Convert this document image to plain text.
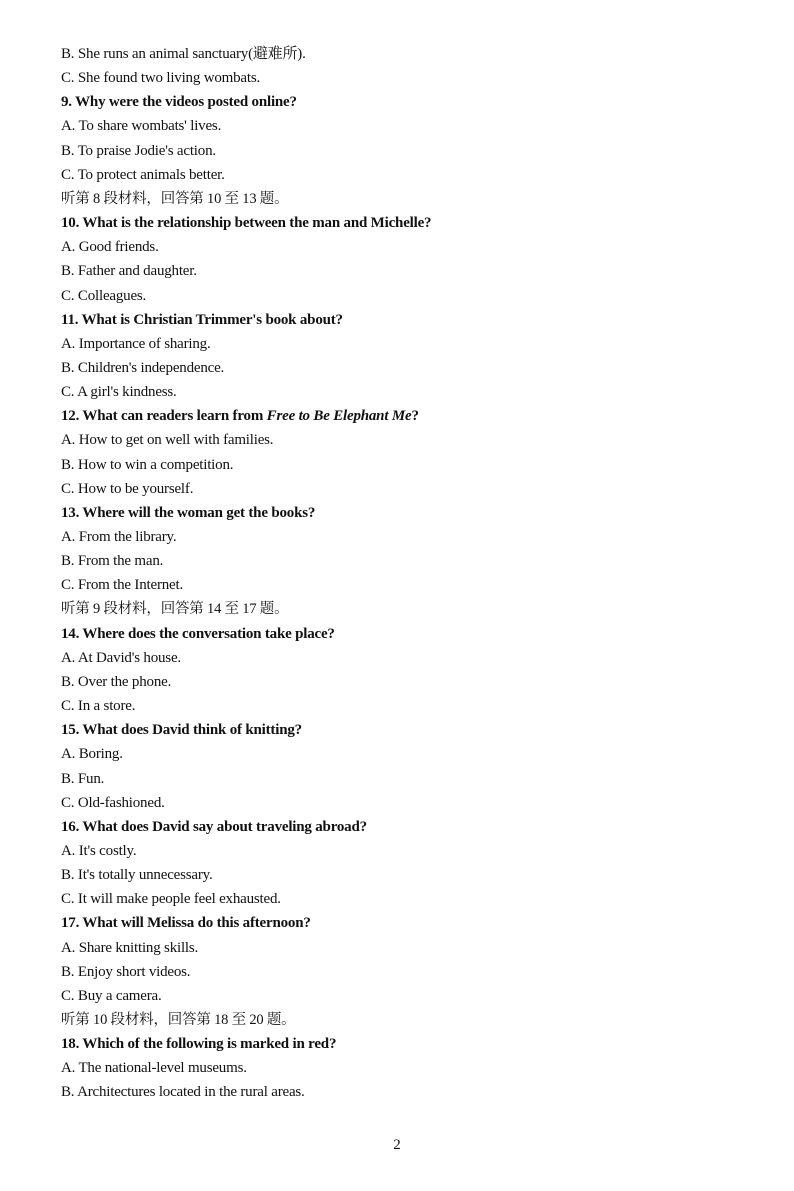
B. She runs an animal sanctuary(避难所).
C. She found two living wombats.
9. Why were the videos posted online?
A. To share wombats' lives.
B. To praise Jodie's action.
C. To protect animals better.
听第 8 段材料，回答第 10 至 13 题。
10. What is the relationship between the man and Michelle?
A. Good friends.
B. Father and daughter.
C. Colleagues.
11. What is Christian Trimmer's book about?
A. Importance of sharing.
B. Children's independence.
C. A girl's kindness.
12. What can readers learn from Free to Be Elephant Me?
A. How to get on well with families.
B. How to win a competition.
C. How to be yourself.
13. Where will the woman get the books?
A. From the library.
B. From the man.
C. From the Internet.
听第 9 段材料，回答第 14 至 17 题。
14. Where does the conversation take place?
A. At David's house.
B. Over the phone.
C. In a store.
15. What does David think of knitting?
A. Boring.
B. Fun.
C. Old-fashioned.
16. What does David say about traveling abroad?
A. It's costly.
B. It's totally unnecessary.
C. It will make people feel exhausted.
17. What will Melissa do this afternoon?
A. Share knitting skills.
B. Enjoy short videos.
C. Buy a camera.
听第 10 段材料，回答第 18 至 20 题。
18. Which of the following is marked in red?
A. The national-level museums.
B. Architectures located in the rural areas.
2
